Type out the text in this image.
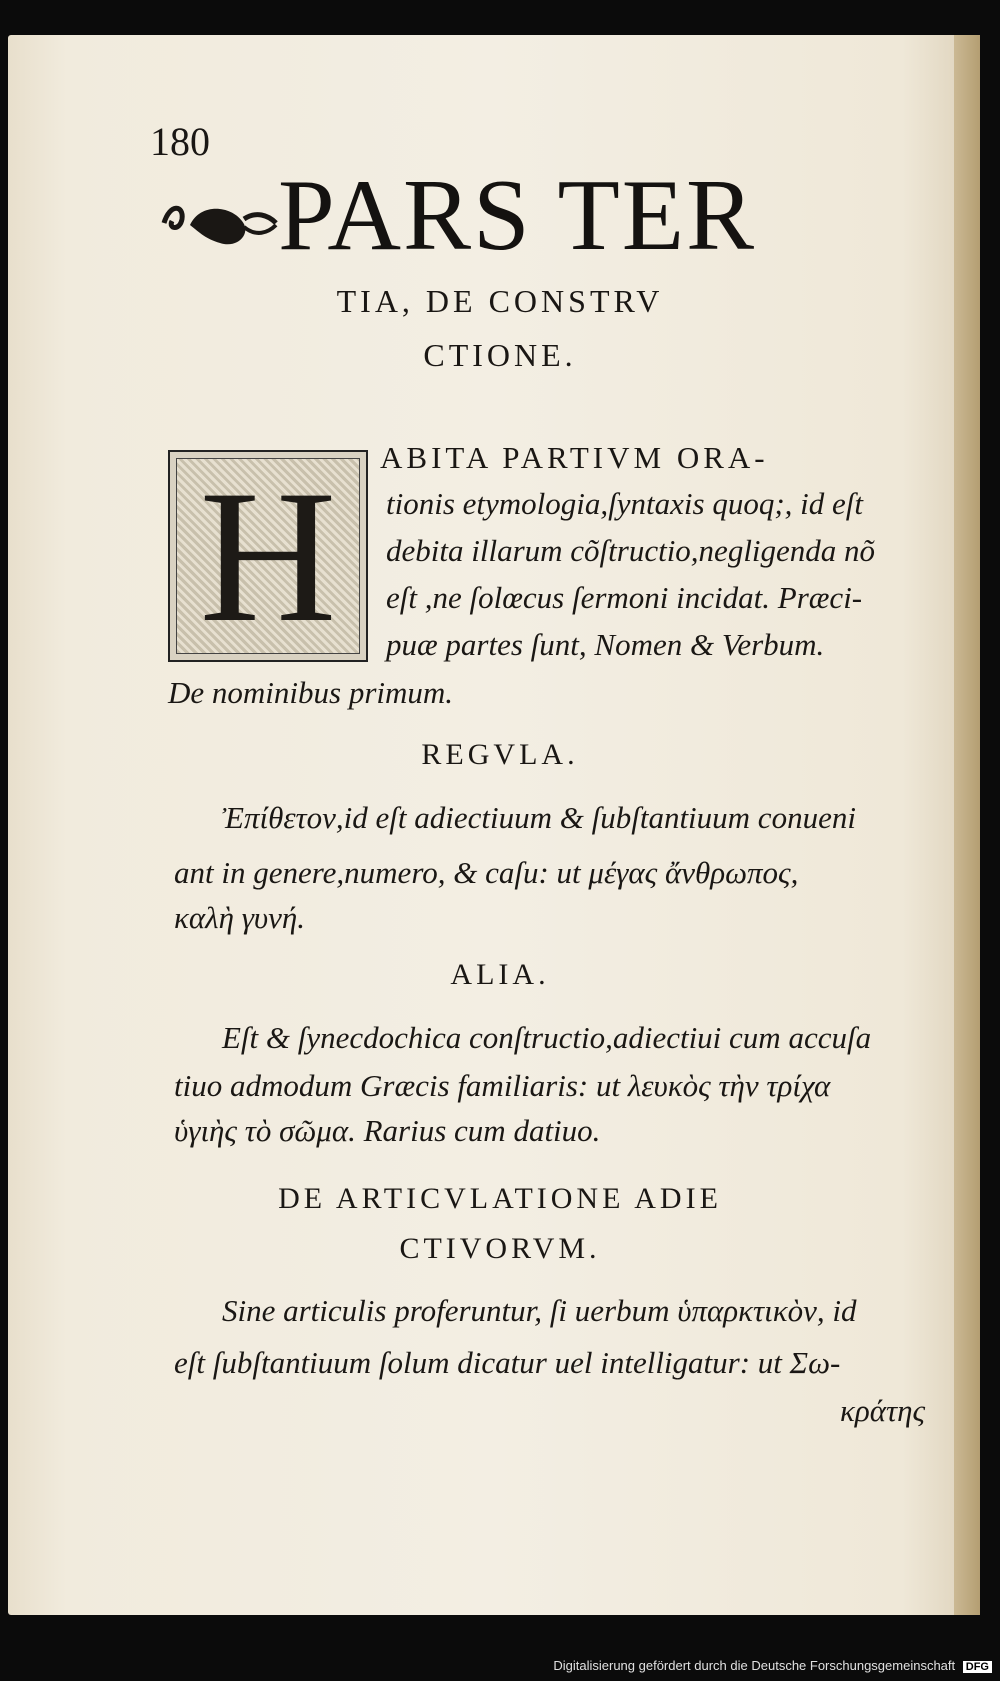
180
PARS TER
TIA, DE CONSTRV
CTIONE.
H	ABITA PARTIVM ORA-
tionis etymologia,ſyntaxis quoq;, id eſt
debita illarum cõſtructio,negligenda nõ
eſt ,ne ſolœcus ſermoni incidat. Præci-
puæ partes ſunt, Nomen & Verbum.
De nominibus primum.
REGVLA.
Ἐπίθετον,id eſt adiectiuum & ſubſtantiuum conueni
ant in genere,numero, & caſu: ut μέγας ἄνθρωπος,
καλὴ γυνή.
ALIA.
Eſt & ſynecdochica conſtructio,adiectiui cum accuſa
tiuo admodum Græcis familiaris: ut λευκὸς τὴν τρίχα
ὑγιὴς τὸ σῶμα. Rarius cum datiuo.
DE ARTICVLATIONE ADIE
CTIVORVM.
Sine articulis proferuntur, ſi uerbum ὑπαρκτικὸν, id
eſt ſubſtantiuum ſolum dicatur uel intelligatur: ut Σω-
κράτης
Digitalisierung gefördert durch die Deutsche Forschungsgemeinschaft DFG
